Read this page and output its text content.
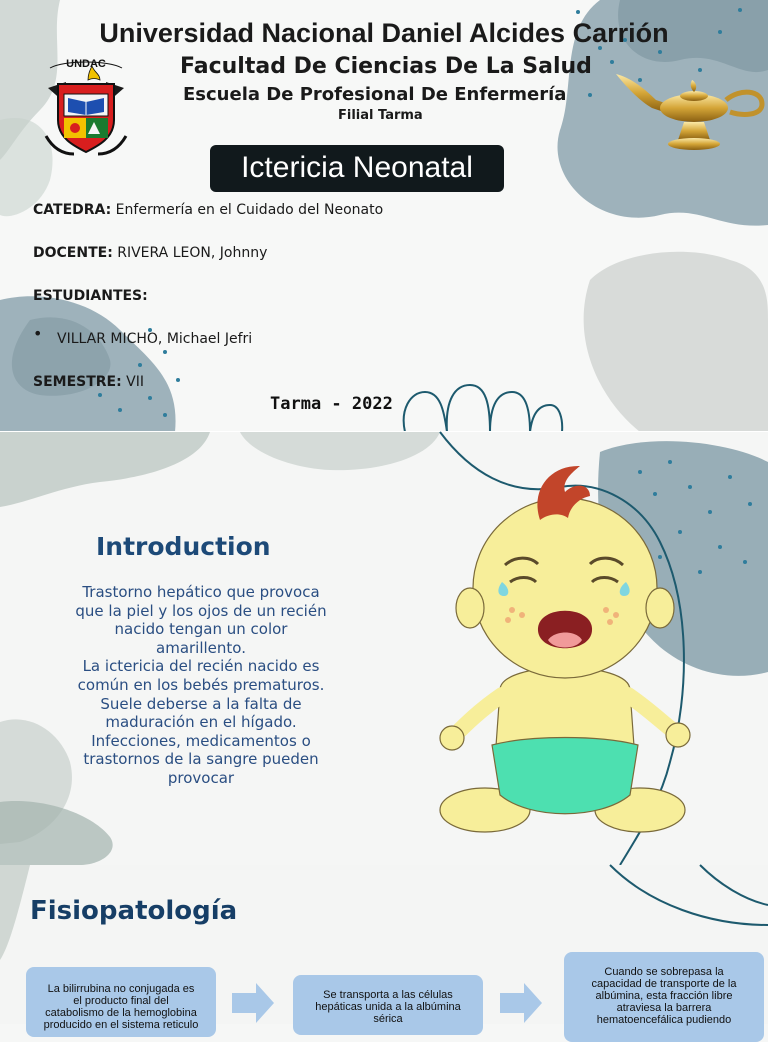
UNDAC
Universidad Nacional Daniel Alcides Carrión
Facultad De Ciencias De La Salud
Escuela De Profesional De Enfermería
Filial Tarma
Ictericia Neonatal
CATEDRA: Enfermería en el Cuidado del Neonato
DOCENTE: RIVERA LEON, Johnny
ESTUDIANTES:
• VILLAR MICHO, Michael Jefri
SEMESTRE: VII
Tarma - 2022
Introduction
Trastorno hepático que provoca
que la piel y los ojos de un recién
nacido tengan un color
amarillento.
La ictericia del recién nacido es
común en los bebés prematuros.
Suele deberse a la falta de
maduración en el hígado.
Infecciones, medicamentos o
trastornos de la sangre pueden
provocar
Fisiopatología
La bilirrubina no conjugada es
el producto final del
catabolismo de la hemoglobina
producido en el sistema reticulo
Se transporta a las células
hepáticas unida a la albúmina
sérica
Cuando se sobrepasa la
capacidad de transporte de la
albúmina, esta fracción libre
atraviesa la barrera
hematoencefálica pudiendo
